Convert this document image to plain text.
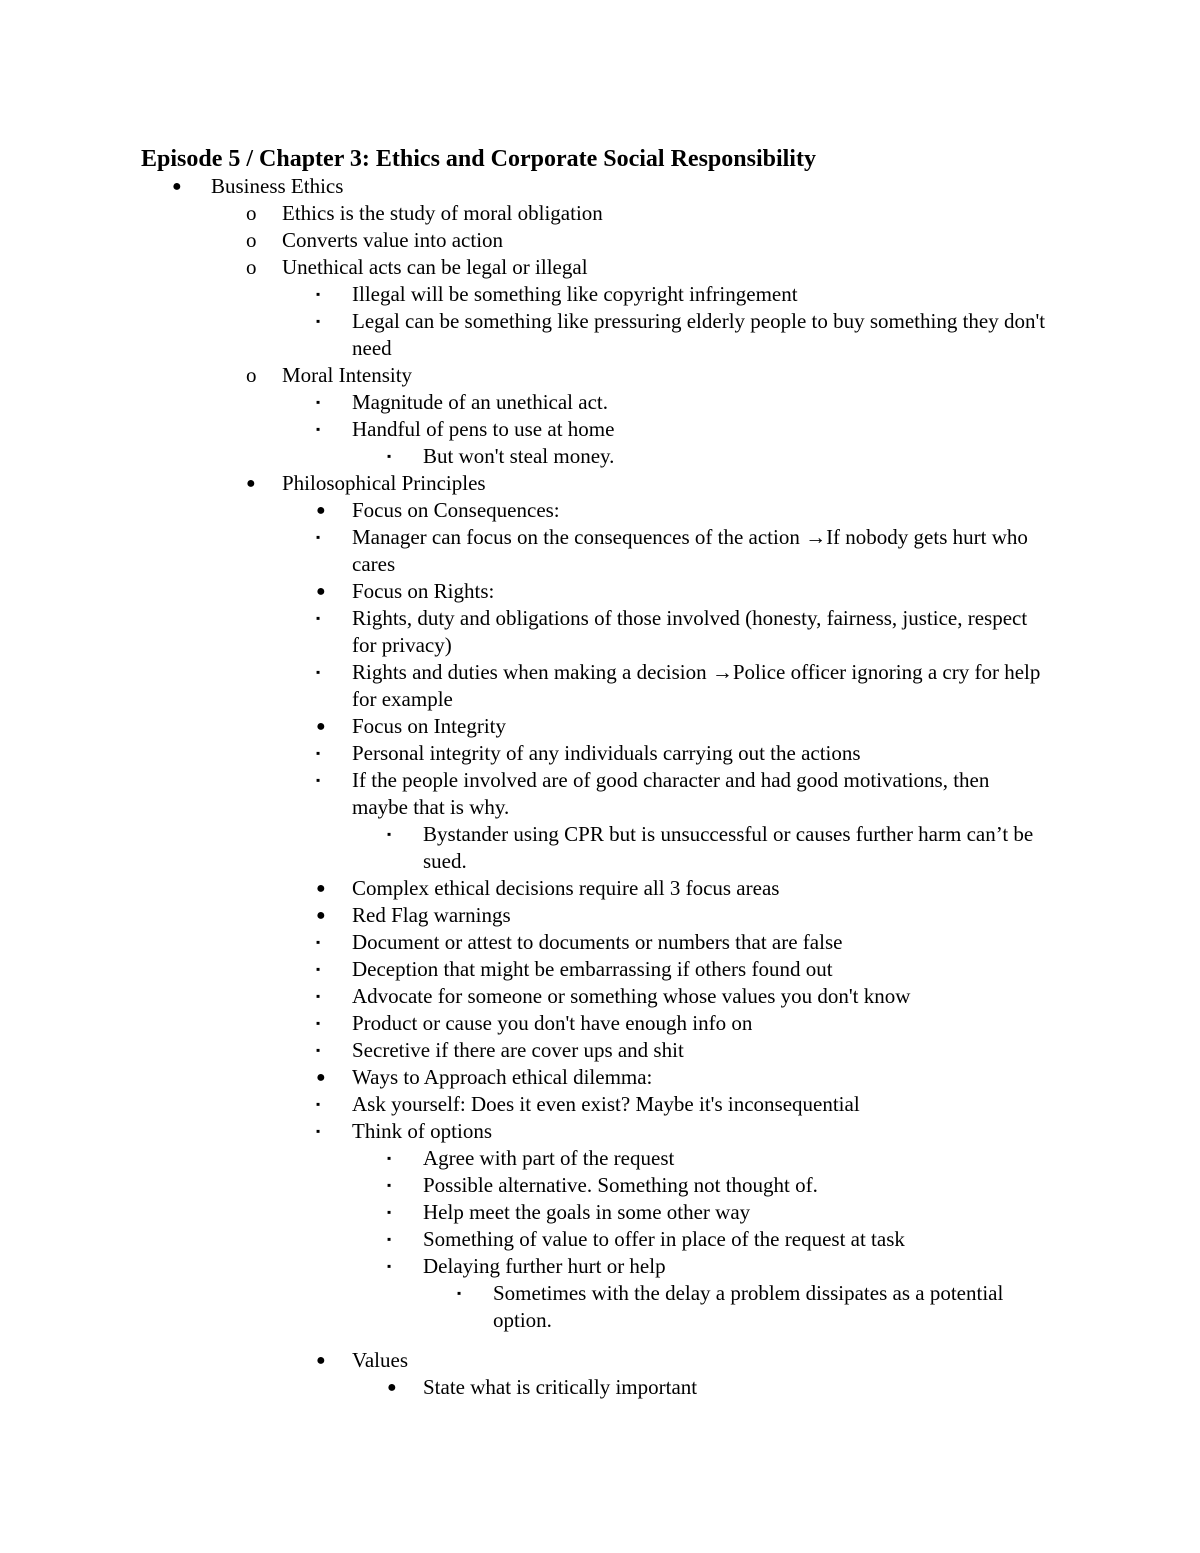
Episode 5 / Chapter 3: Ethics and Corporate Social Responsibility
● Business Ethics
o Ethics is the study of moral obligation
o Converts value into action
o Unethical acts can be legal or illegal
▪ Illegal will be something like copyright infringement
▪ Legal can be something like pressuring elderly people to buy something they don't need
o Moral Intensity
▪ Magnitude of an unethical act.
▪ Handful of pens to use at home
▪ But won't steal money.
● Philosophical Principles
● Focus on Consequences:
▪ Manager can focus on the consequences of the action →If nobody gets hurt who cares
● Focus on Rights:
▪ Rights, duty and obligations of those involved (honesty, fairness, justice, respect for privacy)
▪ Rights and duties when making a decision →Police officer ignoring a cry for help for example
● Focus on Integrity
▪ Personal integrity of any individuals carrying out the actions
▪ If the people involved are of good character and had good motivations, then maybe that is why.
▪ Bystander using CPR but is unsuccessful or causes further harm can’t be sued.
● Complex ethical decisions require all 3 focus areas
● Red Flag warnings
▪ Document or attest to documents or numbers that are false
▪ Deception that might be embarrassing if others found out
▪ Advocate for someone or something whose values you don't know
▪ Product or cause you don't have enough info on
▪ Secretive if there are cover ups and shit
● Ways to Approach ethical dilemma:
▪ Ask yourself: Does it even exist? Maybe it's inconsequential
▪ Think of options
▪ Agree with part of the request
▪ Possible alternative. Something not thought of.
▪ Help meet the goals in some other way
▪ Something of value to offer in place of the request at task
▪ Delaying further hurt or help
▪ Sometimes with the delay a problem dissipates as a potential option.
● Values
● State what is critically important
